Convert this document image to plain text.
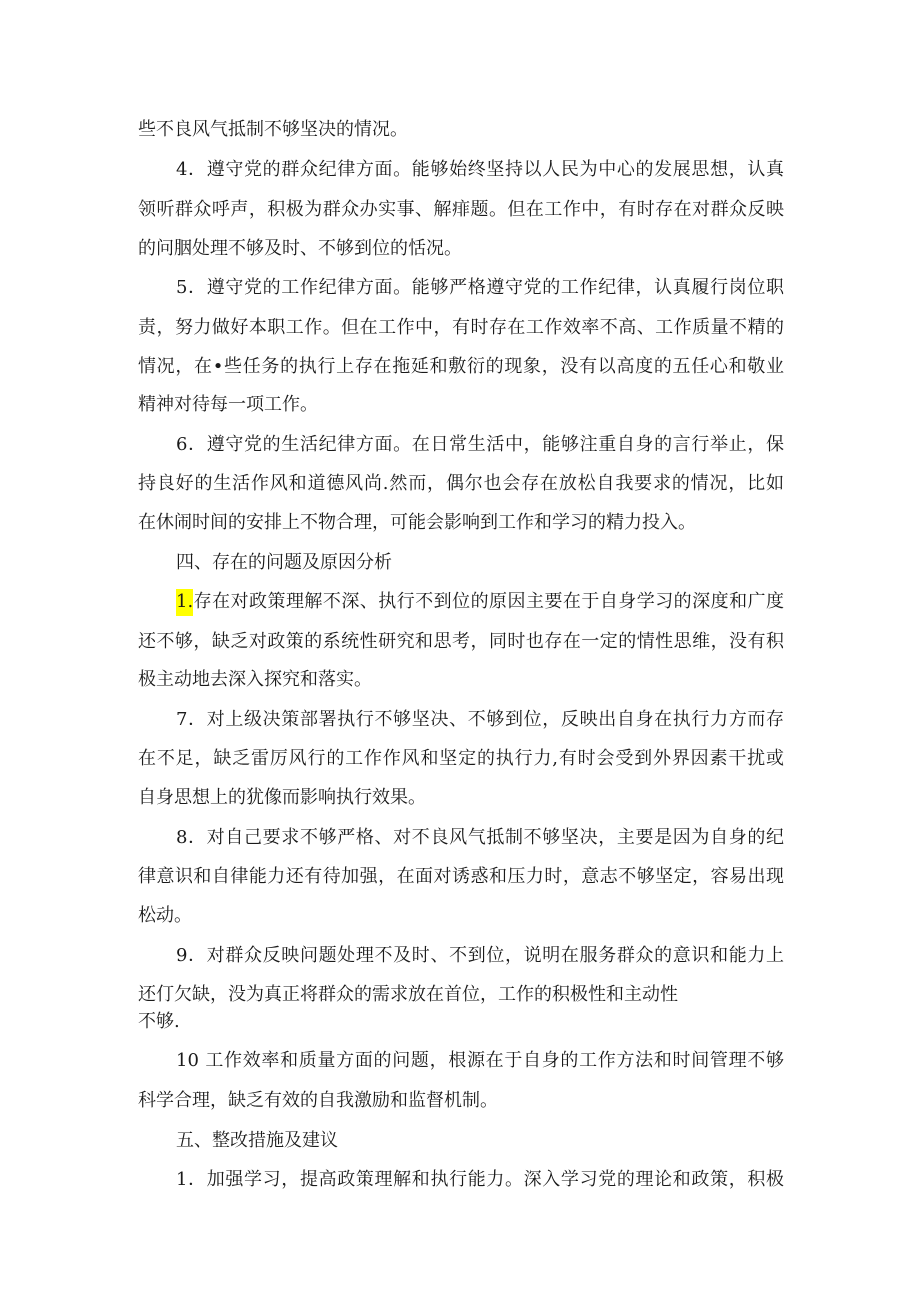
些不良风气抵制不够坚决的情况。
4．遵守党的群众纪律方面。能够始终坚持以人民为中心的发展思想，认真
领听群众呼声，积极为群众办实事、解痱题。但在工作中，有时存在对群众反映
的问胭处理不够及时、不够到位的恬况。
5．遵守党的工作纪律方面。能够严格遵守党的工作纪律，认真履行岗位职
责，努力做好本职工作。但在工作中，有时存在工作效率不高、工作质量不精的
情况，在•些任务的执行上存在拖延和敷衍的现象，没有以高度的五任心和敬业
精神对待每一项工作。
6．遵守党的生活纪律方面。在日常生活中，能够注重自身的言行举止，保
持良好的生活作风和道德风尚.然而，偶尔也会存在放松自我要求的情况，比如
在休闹时间的安排上不物合理，可能会影响到工作和学习的精力投入。
四、存在的问题及原因分析
1.存在对政策理解不深、执行不到位的原因主要在于自身学习的深度和广度
还不够，缺乏对政策的系统性研究和思考，同时也存在一定的情性思维，没有积
极主动地去深入探究和落实。
7．对上级决策部署执行不够坚决、不够到位，反映出自身在执行力方而存
在不足，缺乏雷厉风行的工作作风和坚定的执行力,有时会受到外界因素干扰或
自身思想上的犹像而影响执行效果。
8．对自己要求不够严格、对不良风气抵制不够坚决，主要是因为自身的纪
律意识和自律能力还有待加强，在面对诱惑和压力时，意志不够坚定，容易出现
松动。
9．对群众反映问题处理不及时、不到位，说明在服务群众的意识和能力上
还仃欠缺，没为真正将群众的需求放在首位，工作的积极性和主动性
不够.
10 工作效率和质量方面的问题，根源在于自身的工作方法和时间管理不够
科学合理，缺乏有效的自我激励和监督机制。
五、整改措施及建议
1．加强学习，提高政策理解和执行能力。深入学习党的理论和政策，积极
